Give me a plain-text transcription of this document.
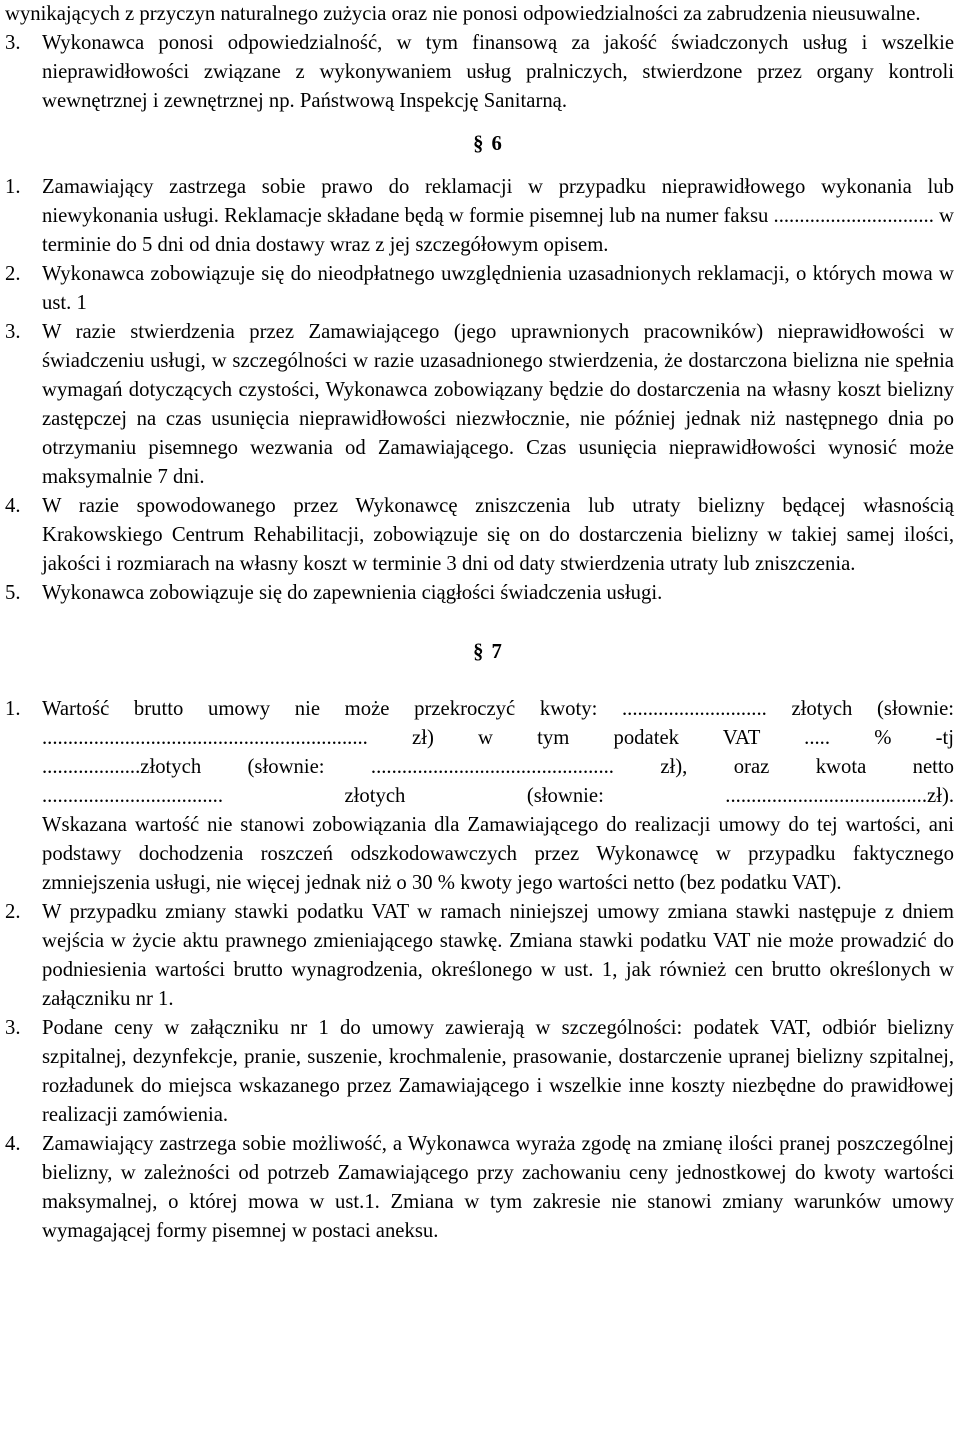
wynikających z przyczyn naturalnego zużycia oraz nie ponosi odpowiedzialności za zabrudzenia nieusuwalne.

3. Wykonawca ponosi odpowiedzialność, w tym finansową za jakość świadczonych usług i wszelkie nieprawidłowości związane z wykonywaniem usług pralniczych, stwierdzone przez organy kontroli wewnętrznej i zewnętrznej np. Państwową Inspekcję Sanitarną.
§ 6
1. Zamawiający zastrzega sobie prawo do reklamacji w przypadku nieprawidłowego wykonania lub niewykonania usługi. Reklamacje składane będą w formie pisemnej lub na numer faksu ............................... w terminie do 5 dni od dnia dostawy wraz z jej szczegółowym opisem.
2. Wykonawca zobowiązuje się do nieodpłatnego uwzględnienia uzasadnionych reklamacji, o których mowa w ust. 1
3. W razie stwierdzenia przez Zamawiającego (jego uprawnionych pracowników) nieprawidłowości w świadczeniu usługi, w szczególności w razie uzasadnionego stwierdzenia, że dostarczona bielizna nie spełnia wymagań dotyczących czystości, Wykonawca zobowiązany będzie do dostarczenia na własny koszt bielizny zastępczej na czas usunięcia nieprawidłowości niezwłocznie, nie później jednak niż następnego dnia po otrzymaniu pisemnego wezwania od Zamawiającego. Czas usunięcia nieprawidłowości wynosić może maksymalnie 7 dni.
4. W razie spowodowanego przez Wykonawcę zniszczenia lub utraty bielizny będącej własnością Krakowskiego Centrum Rehabilitacji, zobowiązuje się on do dostarczenia bielizny w takiej samej ilości, jakości i rozmiarach na własny koszt w terminie 3 dni od daty stwierdzenia utraty lub zniszczenia.
5. Wykonawca zobowiązuje się do zapewnienia ciągłości świadczenia usługi.
§ 7
1. Wartość brutto umowy nie może przekroczyć kwoty: ............................ złotych (słownie:
............................................................... zł) w tym podatek VAT ..... % -tj
...................złotych (słownie: ............................................... zł), oraz kwota netto
................................... złotych (słownie: .......................................zł).
Wskazana wartość nie stanowi zobowiązania dla Zamawiającego do realizacji umowy do tej wartości, ani podstawy dochodzenia roszczeń odszkodowawczych przez Wykonawcę w przypadku faktycznego zmniejszenia usługi, nie więcej jednak niż o 30 % kwoty jego wartości netto (bez podatku VAT).
2. W przypadku zmiany stawki podatku VAT w ramach niniejszej umowy zmiana stawki następuje z dniem wejścia w życie aktu prawnego zmieniającego stawkę. Zmiana stawki podatku VAT nie może prowadzić do podniesienia wartości brutto wynagrodzenia, określonego w ust. 1, jak również cen brutto określonych w załączniku nr 1.
3. Podane ceny w załączniku nr 1 do umowy zawierają w szczególności: podatek VAT, odbiór bielizny szpitalnej, dezynfekcje, pranie, suszenie, krochmalenie, prasowanie, dostarczenie upranej bielizny szpitalnej, rozładunek do miejsca wskazanego przez Zamawiającego i wszelkie inne koszty niezbędne do prawidłowej realizacji zamówienia.
4. Zamawiający zastrzega sobie możliwość, a Wykonawca wyraża zgodę na zmianę ilości pranej poszczególnej bielizny, w zależności od potrzeb Zamawiającego przy zachowaniu ceny jednostkowej do kwoty wartości maksymalnej, o której mowa w ust.1. Zmiana w tym zakresie nie stanowi zmiany warunków umowy wymagającej formy pisemnej w postaci aneksu.
